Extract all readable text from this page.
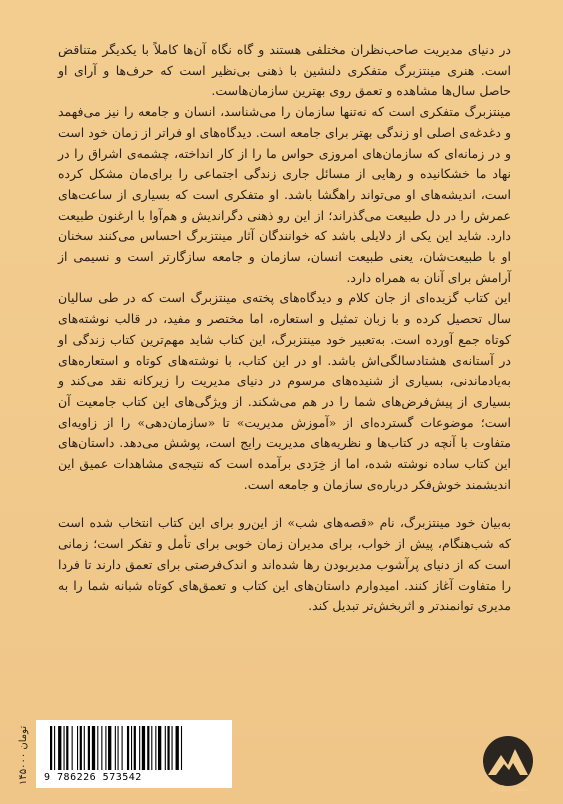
در دنیای مدیریت صاحب‌نظران مختلفی هستند و گاه نگاه آن‌ها کاملاً با یکدیگر متناقض است. هنری مینتزبرگ متفکری دلنشین با ذهنی بی‌نظیر است که حرف‌ها و آرای او حاصل سال‌ها مشاهده و تعمق روی بهترین سازمان‌هاست.

مینتزبرگ متفکری است که نه‌تنها سازمان را می‌شناسد، انسان و جامعه را نیز می‌فهمد و دغدغه‌ی اصلی او زندگی بهتر برای جامعه است. دیدگاه‌های او فراتر از زمان خود است و در زمانه‌ای که سازمان‌های امروزی حواس ما را از کار انداخته، چشمه‌ی اشراق را در نهاد ما خشکانیده و رهایی از مسائل جاری زندگی اجتماعی را برای‌مان مشکل کرده است، اندیشه‌های او می‌تواند راهگشا باشد. او متفکری است که بسیاری از ساعت‌های عمرش را در دل طبیعت می‌گذراند؛ از این رو ذهنی دگراندیش و هم‌آوا با ارغنون طبیعت دارد. شاید این یکی از دلایلی باشد که خوانندگان آثار مینتزبرگ احساس می‌کنند سخنان او با طبیعت‌شان، یعنی طبیعت انسان، سازمان و جامعه سازگارتر است و نسیمی از آرامش برای آنان به همراه دارد.

این کتاب گزیده‌ای از جان کلام و دیدگاه‌های پخته‌ی مینتزبرگ است که در طی سالیان سال تحصیل کرده و با زبان تمثیل و استعاره، اما مختصر و مفید، در قالب نوشته‌های کوتاه جمع آورده است. به‌تعبیر خود مینتزبرگ، این کتاب شاید مهم‌ترین کتاب زندگی او در آستانه‌ی هشتادسالگی‌اش باشد. او در این کتاب، با نوشته‌های کوتاه و استعاره‌های به‌یادماندنی، بسیاری از شنیده‌های مرسوم در دنیای مدیریت را زیرکانه نقد می‌کند و بسیاری از پیش‌فرض‌های شما را در هم می‌شکند. از ویژگی‌های این کتاب جامعیت آن است؛ موضوعات گسترده‌ای از «آموزش مدیریت» تا «سازمان‌دهی» را از زاویه‌ای متفاوت با آنچه در کتاب‌ها و نظریه‌های مدیریت رایج است، پوشش می‌دهد. داستان‌های این کتاب ساده نوشته شده، اما از خِرَدی برآمده است که نتیجه‌ی مشاهدات عمیق این اندیشمند خوش‌فکر درباره‌ی سازمان و جامعه است.

به‌بیان خود مینتزبرگ، نام «قصه‌های شب» از این‌رو برای این کتاب انتخاب شده است که شب‌هنگام، پیش از خواب، برای مدیران زمان خوبی برای تأمل و تفکر است؛ زمانی است که از دنیای پرآشوب مدیربودن رها شده‌اند و اندک‌فرصتی برای تعمق دارند تا فردا را متفاوت آغاز کنند. امیدوارم داستان‌های این کتاب و تعمق‌های کوتاه شبانه شما را به مدیری توانمندتر و اثربخش‌تر تبدیل کند.

۱۴۵۰۰۰ تومان
9 786226 573542
نشر میلکان
